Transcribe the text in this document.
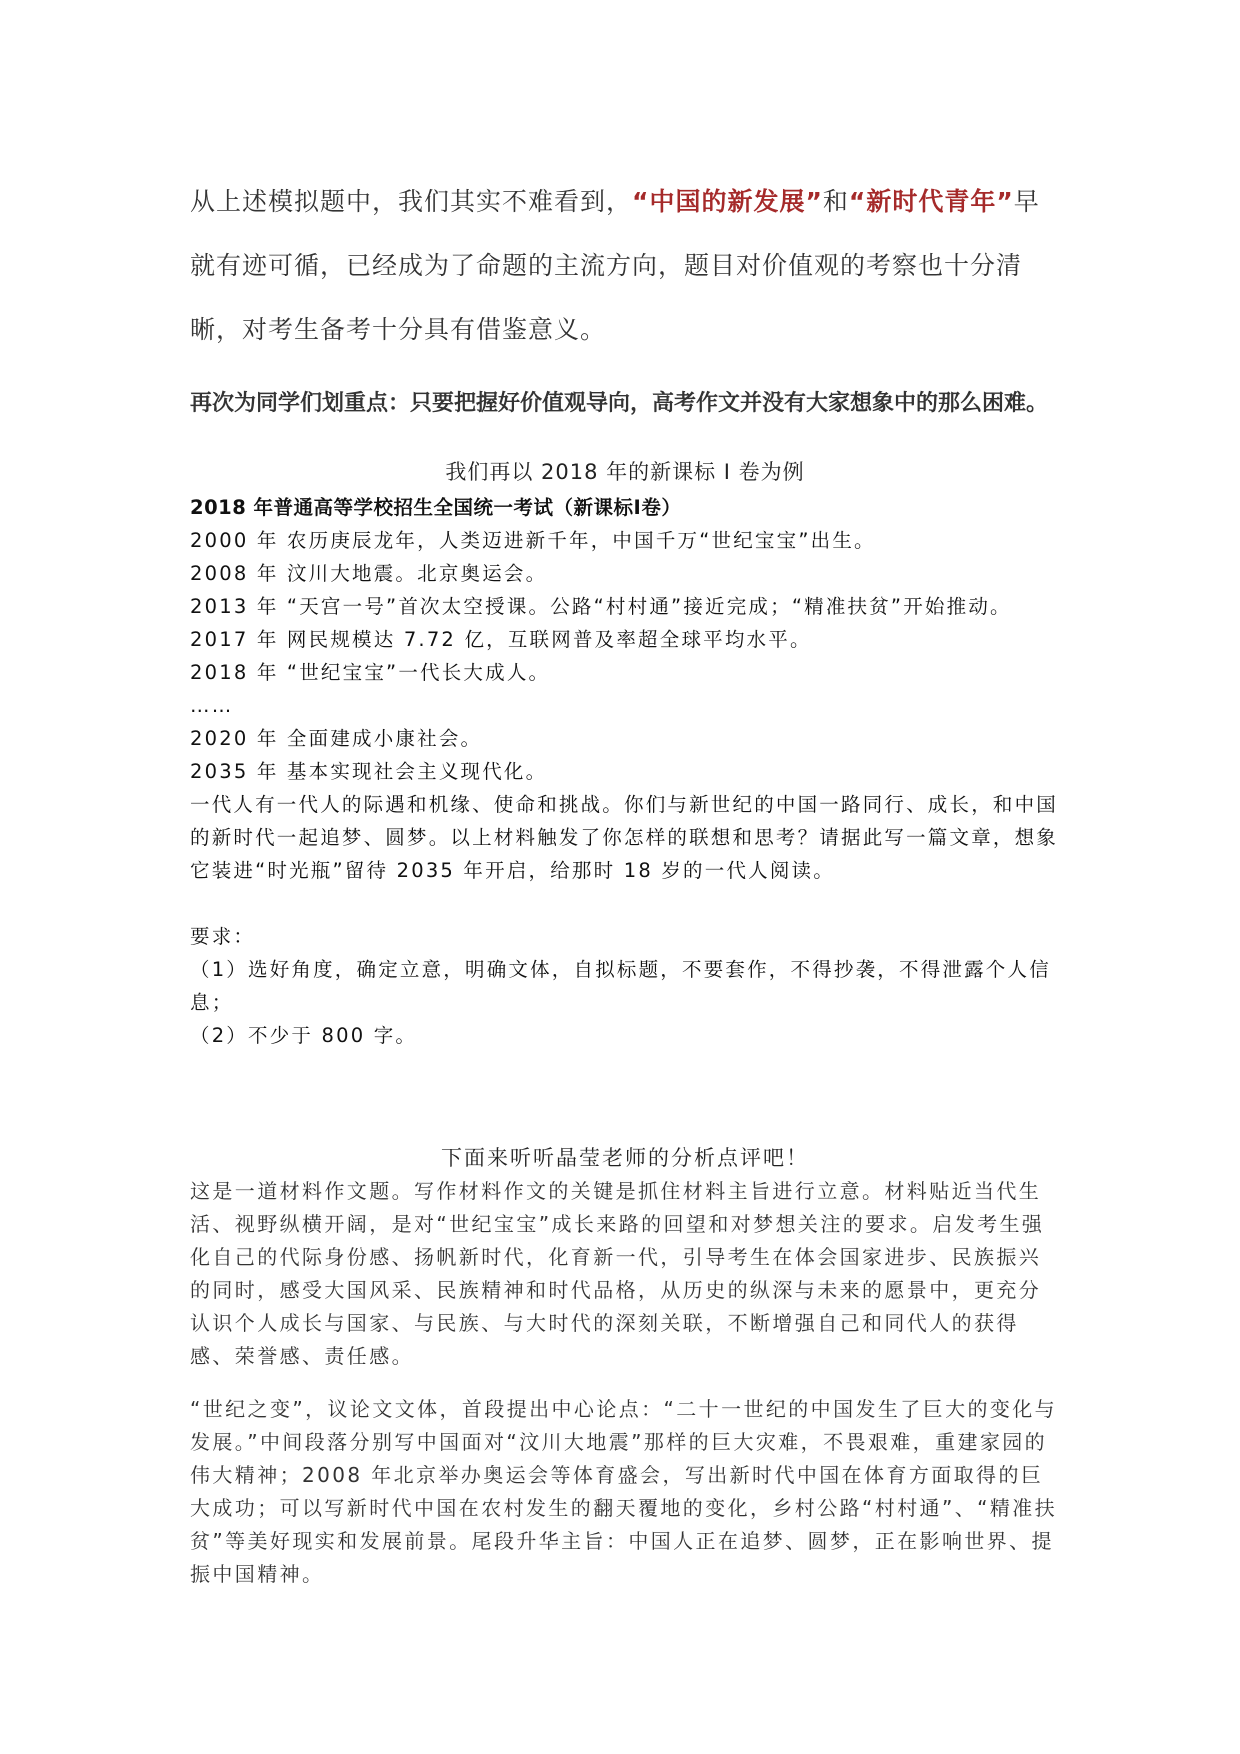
从上述模拟题中，我们其实不难看到，“中国的新发展”和“新时代青年”早就有迹可循，已经成为了命题的主流方向，题目对价值观的考察也十分清晰，对考生备考十分具有借鉴意义。

再次为同学们划重点：只要把握好价值观导向，高考作文并没有大家想象中的那么困难。

我们再以 2018 年的新课标 I 卷为例

2018 年普通高等学校招生全国统一考试（新课标Ⅰ卷）
2000 年 农历庚辰龙年，人类迈进新千年，中国千万“世纪宝宝”出生。
2008 年 汶川大地震。北京奥运会。
2013 年 “天宫一号”首次太空授课。公路“村村通”接近完成；“精准扶贫”开始推动。
2017 年 网民规模达 7.72 亿，互联网普及率超全球平均水平。
2018 年 “世纪宝宝”一代长大成人。
……
2020 年 全面建成小康社会。
2035 年 基本实现社会主义现代化。
一代人有一代人的际遇和机缘、使命和挑战。你们与新世纪的中国一路同行、成长，和中国的新时代一起追梦、圆梦。以上材料触发了你怎样的联想和思考？请据此写一篇文章，想象它装进“时光瓶”留待 2035 年开启，给那时 18 岁的一代人阅读。
要求：
（1）选好角度，确定立意，明确文体，自拟标题，不要套作，不得抄袭，不得泄露个人信息；
（2）不少于 800 字。

下面来听听晶莹老师的分析点评吧！

这是一道材料作文题。写作材料作文的关键是抓住材料主旨进行立意。材料贴近当代生活、视野纵横开阔，是对“世纪宝宝”成长来路的回望和对梦想关注的要求。启发考生强化自己的代际身份感、扬帆新时代，化育新一代，引导考生在体会国家进步、民族振兴的同时，感受大国风采、民族精神和时代品格，从历史的纵深与未来的愿景中，更充分认识个人成长与国家、与民族、与大时代的深刻关联，不断增强自己和同代人的获得感、荣誉感、责任感。

“世纪之变”，议论文文体，首段提出中心论点：“二十一世纪的中国发生了巨大的变化与发展。”中间段落分别写中国面对“汶川大地震”那样的巨大灾难，不畏艰难，重建家园的伟大精神；2008 年北京举办奥运会等体育盛会，写出新时代中国在体育方面取得的巨大成功；可以写新时代中国在农村发生的翻天覆地的变化，乡村公路“村村通”、“精准扶贫”等美好现实和发展前景。尾段升华主旨：中国人正在追梦、圆梦，正在影响世界、提振中国精神。
